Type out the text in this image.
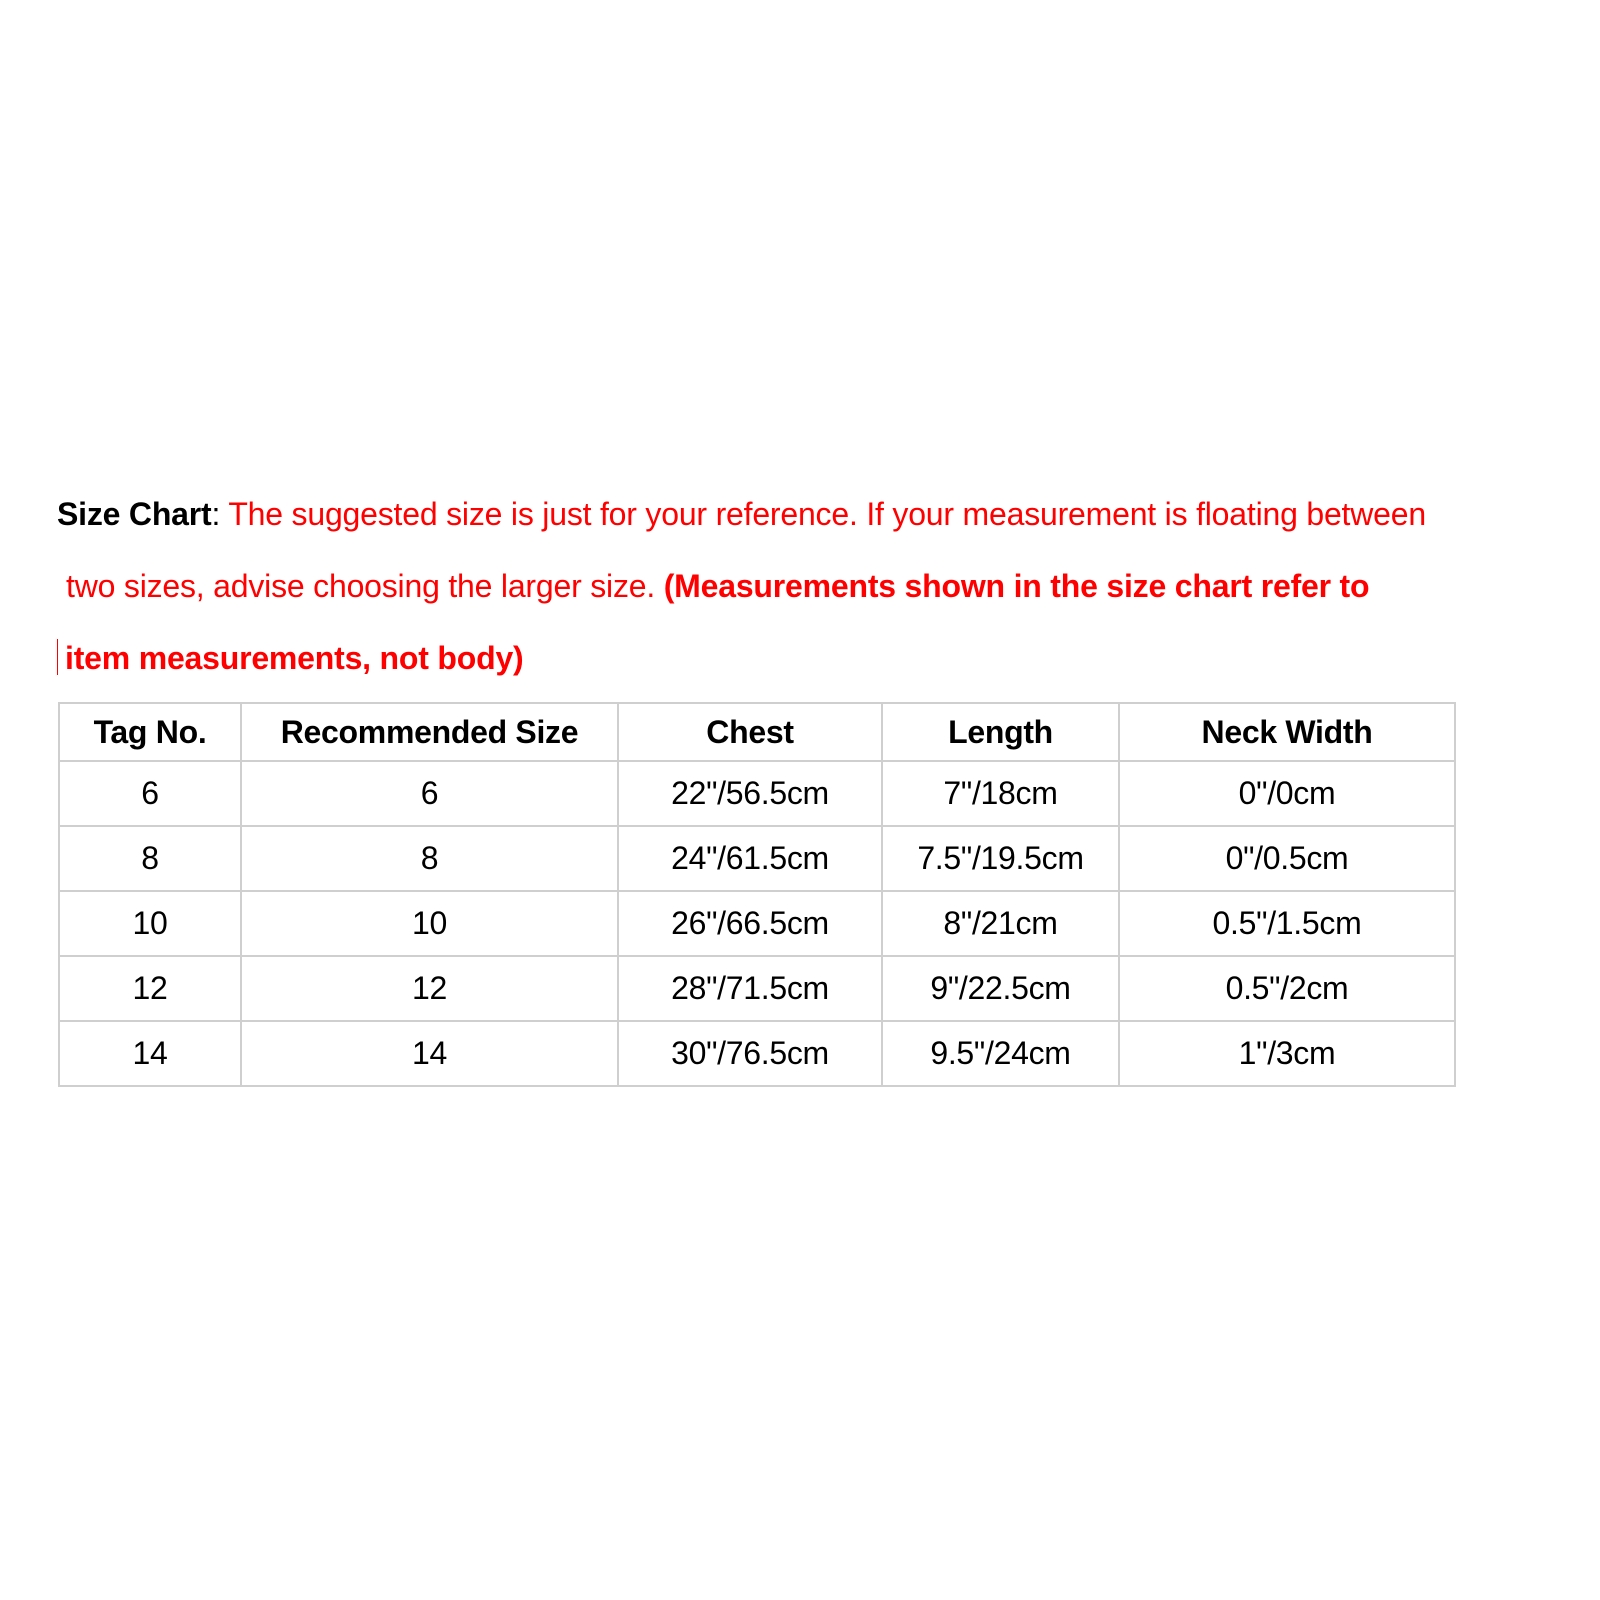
Size Chart: The suggested size is just for your reference. If your measurement is floating between
two sizes, advise choosing the larger size. (Measurements shown in the size chart refer to
item measurements, not body)
Tag No.	Recommended Size	Chest	Length	Neck Width
6	6	22"/56.5cm	7"/18cm	0"/0cm
8	8	24"/61.5cm	7.5"/19.5cm	0"/0.5cm
10	10	26"/66.5cm	8"/21cm	0.5"/1.5cm
12	12	28"/71.5cm	9"/22.5cm	0.5"/2cm
14	14	30"/76.5cm	9.5"/24cm	1"/3cm
